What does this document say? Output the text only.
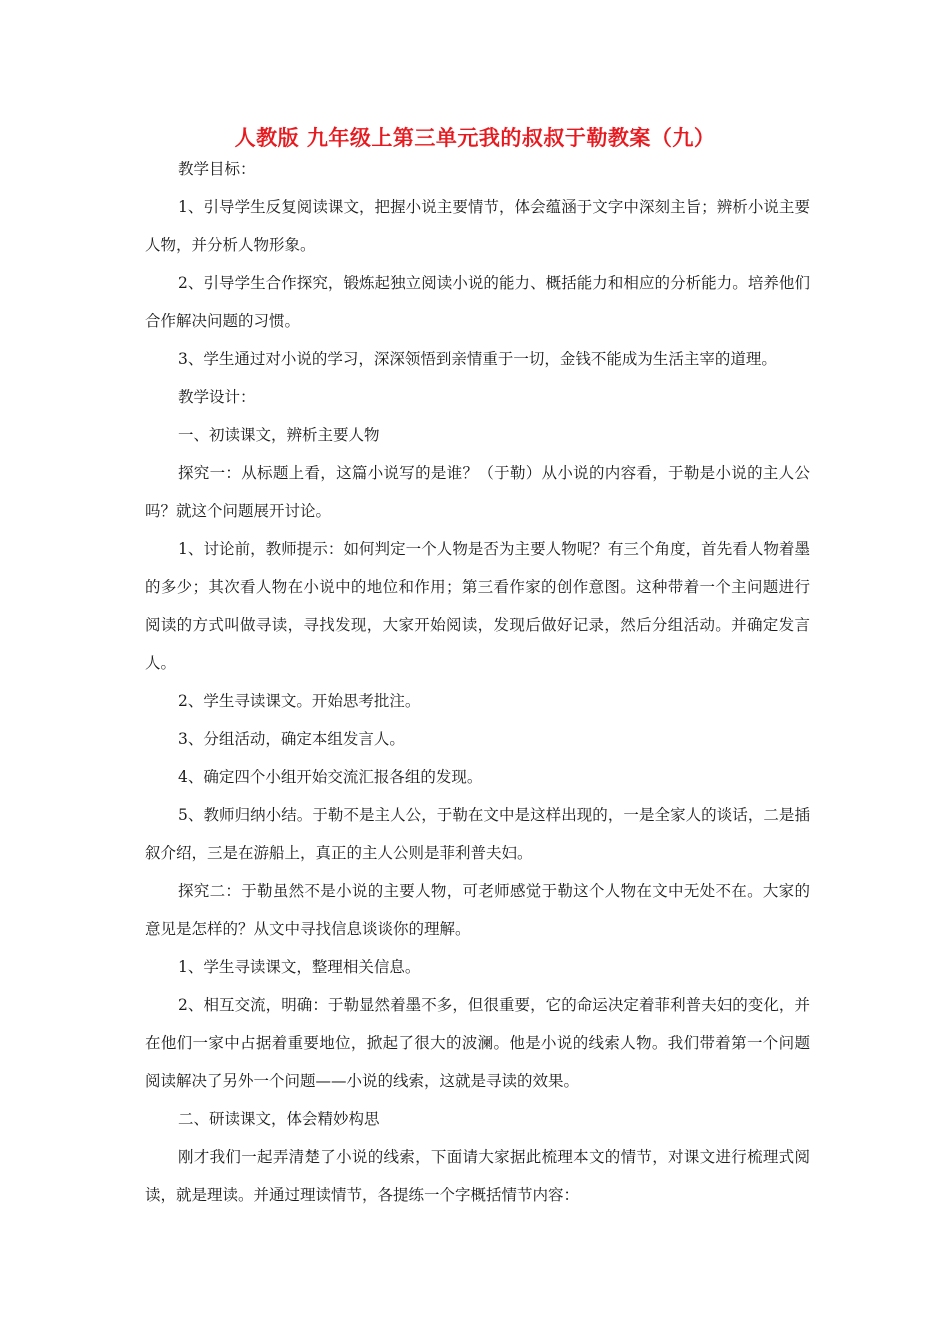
人教版 九年级上第三单元我的叔叔于勒教案（九）

教学目标：

1、引导学生反复阅读课文，把握小说主要情节，体会蕴涵于文字中深刻主旨；辨析小说主要人物，并分析人物形象。

2、引导学生合作探究，锻炼起独立阅读小说的能力、概括能力和相应的分析能力。培养他们合作解决问题的习惯。

3、学生通过对小说的学习，深深领悟到亲情重于一切，金钱不能成为生活主宰的道理。

教学设计：

一、初读课文，辨析主要人物

探究一：从标题上看，这篇小说写的是谁？（于勒）从小说的内容看，于勒是小说的主人公吗？就这个问题展开讨论。

1、讨论前，教师提示：如何判定一个人物是否为主要人物呢？有三个角度，首先看人物着墨的多少；其次看人物在小说中的地位和作用；第三看作家的创作意图。这种带着一个主问题进行阅读的方式叫做寻读，寻找发现，大家开始阅读，发现后做好记录，然后分组活动。并确定发言人。

2、学生寻读课文。开始思考批注。

3、分组活动，确定本组发言人。

4、确定四个小组开始交流汇报各组的发现。

5、教师归纳小结。于勒不是主人公，于勒在文中是这样出现的，一是全家人的谈话，二是插叙介绍，三是在游船上，真正的主人公则是菲利普夫妇。

探究二：于勒虽然不是小说的主要人物，可老师感觉于勒这个人物在文中无处不在。大家的意见是怎样的？从文中寻找信息谈谈你的理解。

1、学生寻读课文，整理相关信息。

2、相互交流，明确：于勒显然着墨不多，但很重要，它的命运决定着菲利普夫妇的变化，并在他们一家中占据着重要地位，掀起了很大的波澜。他是小说的线索人物。我们带着第一个问题阅读解决了另外一个问题——小说的线索，这就是寻读的效果。

二、研读课文，体会精妙构思

刚才我们一起弄清楚了小说的线索，下面请大家据此梳理本文的情节，对课文进行梳理式阅读，就是理读。并通过理读情节，各提练一个字概括情节内容：
